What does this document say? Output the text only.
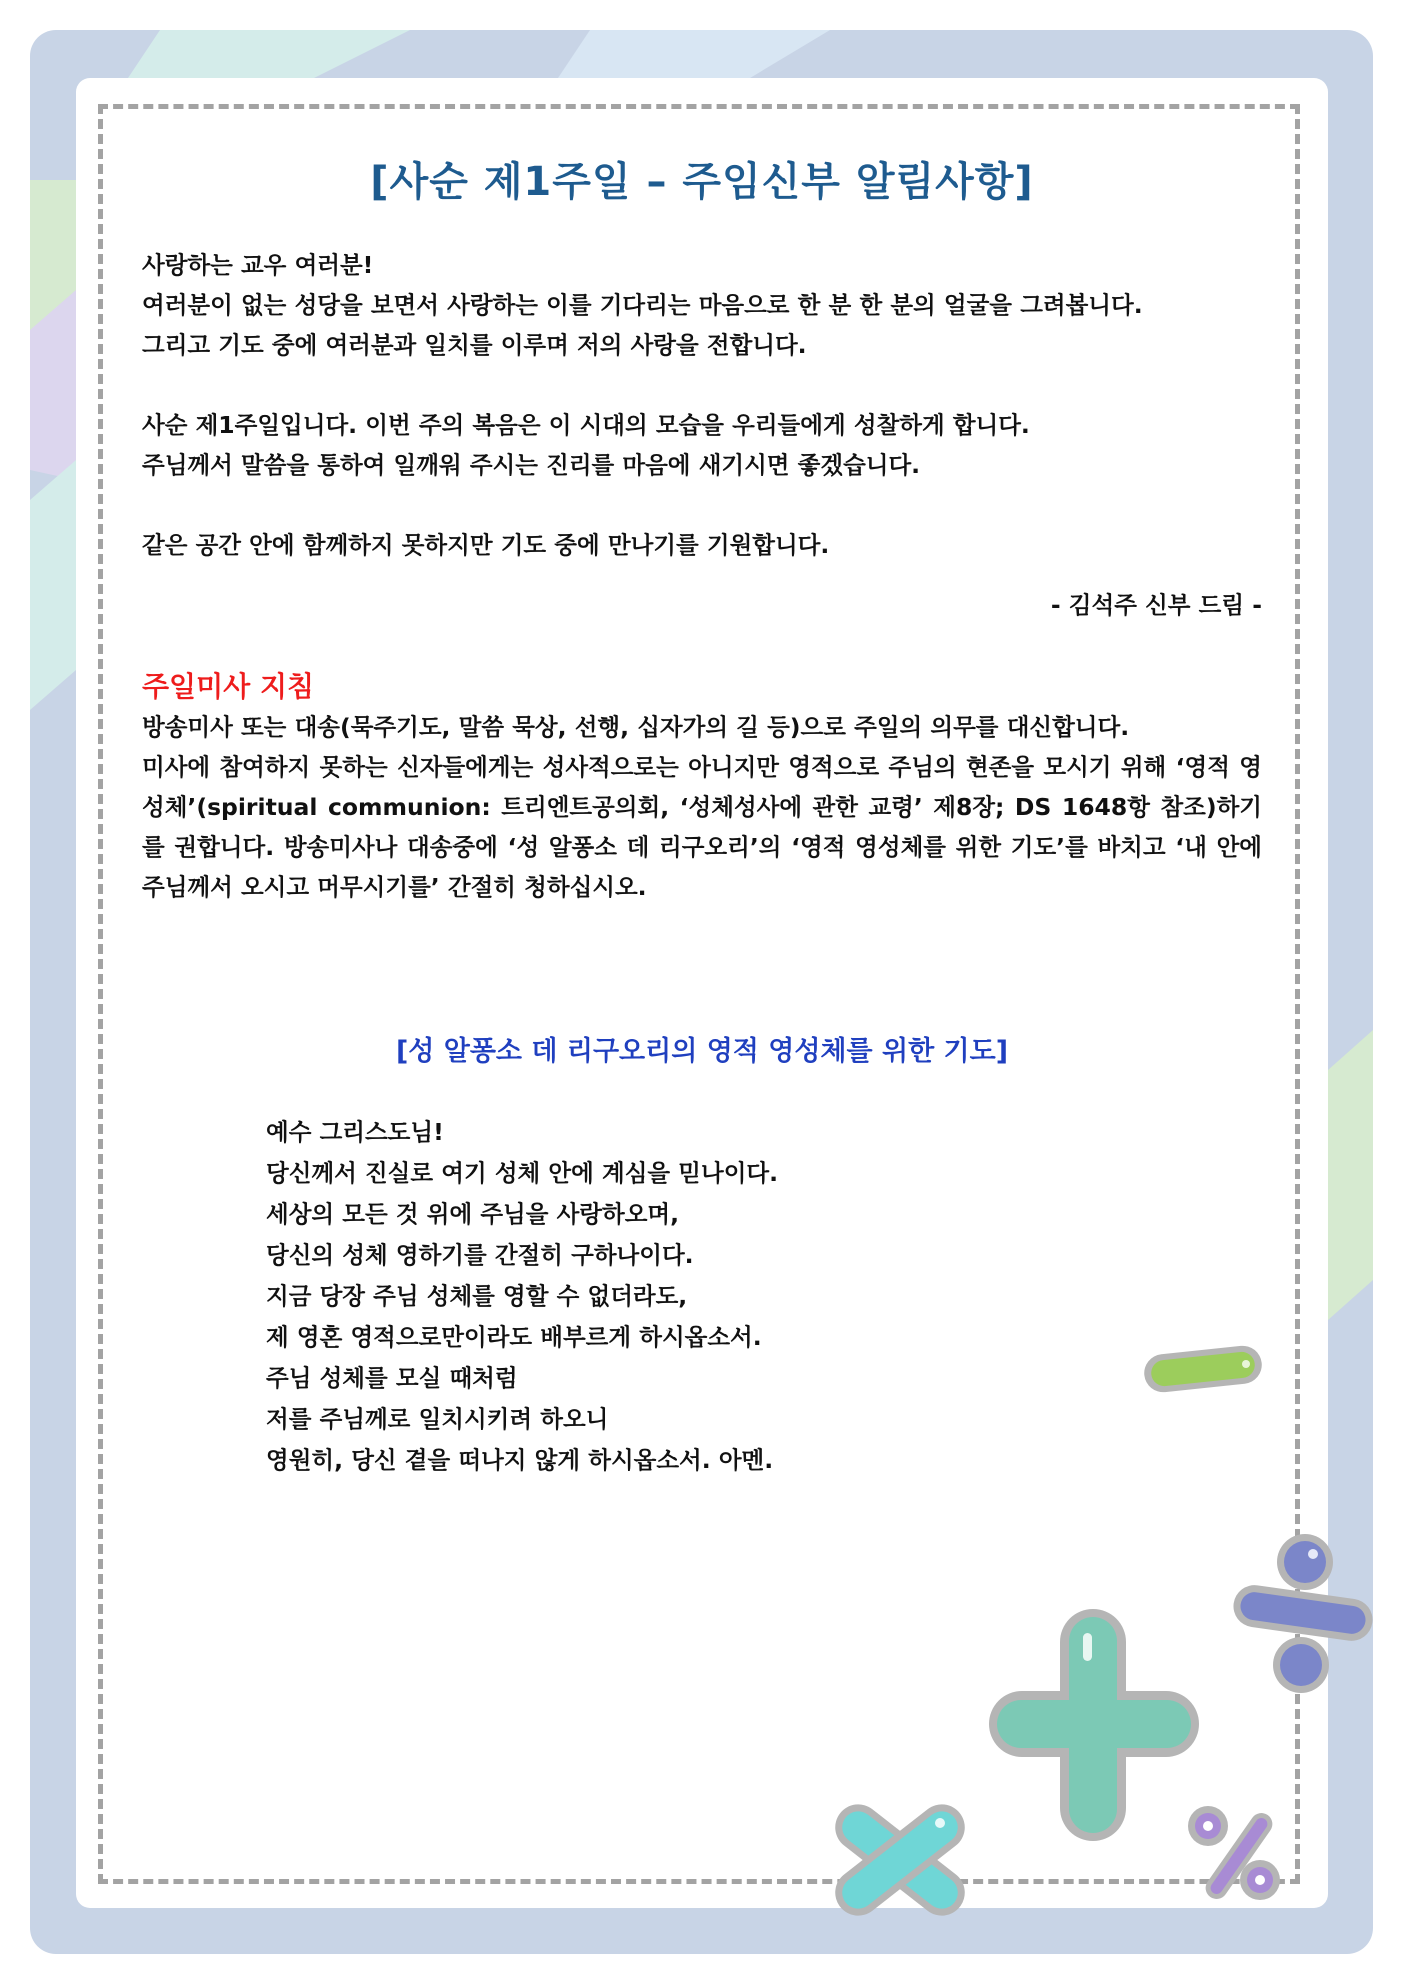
[사순 제1주일 – 주임신부 알림사항]
사랑하는 교우 여러분!
여러분이 없는 성당을 보면서 사랑하는 이를 기다리는 마음으로 한 분 한 분의 얼굴을 그려봅니다.
그리고 기도 중에 여러분과 일치를 이루며 저의 사랑을 전합니다.
사순 제1주일입니다. 이번 주의 복음은 이 시대의 모습을 우리들에게 성찰하게 합니다.
주님께서 말씀을 통하여 일깨워 주시는 진리를 마음에 새기시면 좋겠습니다.
같은 공간 안에 함께하지 못하지만 기도 중에 만나기를 기원합니다.
- 김석주 신부 드림 -
주일미사 지침
방송미사 또는 대송(묵주기도, 말씀 묵상, 선행, 십자가의 길 등)으로 주일의 의무를 대신합니다.
미사에 참여하지 못하는 신자들에게는 성사적으로는 아니지만 영적으로 주님의 현존을 모시기 위해 ‘영적 영성체’(spiritual communion: 트리엔트공의회, ‘성체성사에 관한 교령’ 제8장; DS 1648항 참조)하기를 권합니다. 방송미사나 대송중에 ‘성 알퐁소 데 리구오리’의 ‘영적 영성체를 위한 기도’를 바치고 ‘내 안에 주님께서 오시고 머무시기를’ 간절히 청하십시오.
[성 알퐁소 데 리구오리의 영적 영성체를 위한 기도]
예수 그리스도님!
당신께서 진실로 여기 성체 안에 계심을 믿나이다.
세상의 모든 것 위에 주님을 사랑하오며,
당신의 성체 영하기를 간절히 구하나이다.
지금 당장 주님 성체를 영할 수 없더라도,
제 영혼 영적으로만이라도 배부르게 하시옵소서.
주님 성체를 모실 때처럼
저를 주님께로 일치시키려 하오니
영원히, 당신 곁을 떠나지 않게 하시옵소서. 아멘.
